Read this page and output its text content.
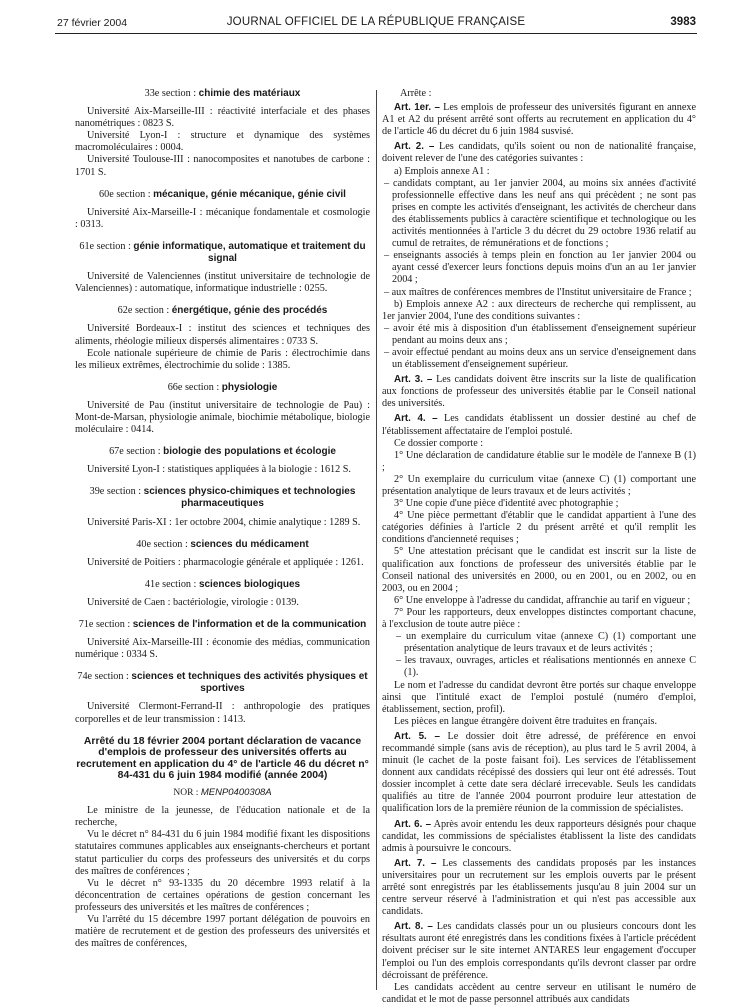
27 février 2004	JOURNAL OFFICIEL DE LA RÉPUBLIQUE FRANÇAISE	3983

33e section : chimie des matériaux

Université Aix-Marseille-III : réactivité interfaciale et des phases nanométriques : 0823 S.

Université Lyon-I : structure et dynamique des systèmes macromoléculaires : 0004.

Université Toulouse-III : nanocomposites et nanotubes de carbone : 1701 S.

60e section : mécanique, génie mécanique, génie civil

Université Aix-Marseille-I : mécanique fondamentale et cosmologie : 0313.

61e section : génie informatique, automatique et traitement du signal

Université de Valenciennes (institut universitaire de technologie de Valenciennes) : automatique, informatique industrielle : 0255.

62e section : énergétique, génie des procédés

Université Bordeaux-I : institut des sciences et techniques des aliments, rhéologie milieux dispersés alimentaires : 0733 S.

Ecole nationale supérieure de chimie de Paris : électrochimie dans les milieux extrêmes, électrochimie du solide : 1385.

66e section : physiologie

Université de Pau (institut universitaire de technologie de Pau) : Mont-de-Marsan, physiologie animale, biochimie métabolique, biologie moléculaire : 0414.

67e section : biologie des populations et écologie

Université Lyon-I : statistiques appliquées à la biologie : 1612 S.

39e section : sciences physico-chimiques et technologies pharmaceutiques

Université Paris-XI : 1er octobre 2004, chimie analytique : 1289 S.

40e section : sciences du médicament

Université de Poitiers : pharmacologie générale et appliquée : 1261.

41e section : sciences biologiques

Université de Caen : bactériologie, virologie : 0139.

71e section : sciences de l'information et de la communication

Université Aix-Marseille-III : économie des médias, communication numérique : 0334 S.

74e section : sciences et techniques des activités physiques et sportives

Université Clermont-Ferrand-II : anthropologie des pratiques corporelles et de leur transmission : 1413.

Arrêté du 18 février 2004 portant déclaration de vacance d'emplois de professeur des universités offerts au recrutement en application du 4° de l'article 46 du décret n° 84-431 du 6 juin 1984 modifié (année 2004)
NOR : MENP0400308A

Le ministre de la jeunesse, de l'éducation nationale et de la recherche,

Vu le décret n° 84-431 du 6 juin 1984 modifié fixant les dispositions statutaires communes applicables aux enseignants-chercheurs et portant statut particulier du corps des professeurs des universités et du corps des maîtres de conférences ;

Vu le décret n° 93-1335 du 20 décembre 1993 relatif à la déconcentration de certaines opérations de gestion concernant les professeurs des universités et les maîtres de conférences ;

Vu l'arrêté du 15 décembre 1997 portant délégation de pouvoirs en matière de recrutement et de gestion des professeurs des universités et des maîtres de conférences,

Arrête :

Art. 1er. – Les emplois de professeur des universités figurant en annexe A1 et A2 du présent arrêté sont offerts au recrutement en application du 4° de l'article 46 du décret du 6 juin 1984 susvisé.

Art. 2. – Les candidats, qu'ils soient ou non de nationalité française, doivent relever de l'une des catégories suivantes :

a) Emplois annexe A1 :

– candidats comptant, au 1er janvier 2004, au moins six années d'activité professionnelle effective dans les neuf ans qui précèdent ; ne sont pas prises en compte les activités d'enseignant, les activités de chercheur dans des établissements publics à caractère scientifique et technologique ou les activités mentionnées à l'article 3 du décret du 29 octobre 1936 relatif au cumul de retraites, de rémunérations et de fonctions ;

– enseignants associés à temps plein en fonction au 1er janvier 2004 ou ayant cessé d'exercer leurs fonctions depuis moins d'un an au 1er janvier 2004 ;

– aux maîtres de conférences membres de l'Institut universitaire de France ;

b) Emplois annexe A2 : aux directeurs de recherche qui remplissent, au 1er janvier 2004, l'une des conditions suivantes :

– avoir été mis à disposition d'un établissement d'enseignement supérieur pendant au moins deux ans ;

– avoir effectué pendant au moins deux ans un service d'enseignement dans un établissement d'enseignement supérieur.

Art. 3. – Les candidats doivent être inscrits sur la liste de qualification aux fonctions de professeur des universités établie par le Conseil national des universités.

Art. 4. – Les candidats établissent un dossier destiné au chef de l'établissement affectataire de l'emploi postulé.

Ce dossier comporte :

1° Une déclaration de candidature établie sur le modèle de l'annexe B (1) ;

2° Un exemplaire du curriculum vitae (annexe C) (1) comportant une présentation analytique de leurs travaux et de leurs activités ;

3° Une copie d'une pièce d'identité avec photographie ;

4° Une pièce permettant d'établir que le candidat appartient à l'une des catégories définies à l'article 2 du présent arrêté et qu'il remplit les conditions d'ancienneté requises ;

5° Une attestation précisant que le candidat est inscrit sur la liste de qualification aux fonctions de professeur des universités établie par le Conseil national des universités en 2000, ou en 2001, ou en 2002, ou en 2003, ou en 2004 ;

6° Une enveloppe à l'adresse du candidat, affranchie au tarif en vigueur ;

7° Pour les rapporteurs, deux enveloppes distinctes comportant chacune, à l'exclusion de toute autre pièce :

– un exemplaire du curriculum vitae (annexe C) (1) comportant une présentation analytique de leurs travaux et de leurs activités ;

– les travaux, ouvrages, articles et réalisations mentionnés en annexe C (1).

Le nom et l'adresse du candidat devront être portés sur chaque enveloppe ainsi que l'intitulé exact de l'emploi postulé (numéro d'emploi, établissement, section, profil).

Les pièces en langue étrangère doivent être traduites en français.

Art. 5. – Le dossier doit être adressé, de préférence en envoi recommandé simple (sans avis de réception), au plus tard le 5 avril 2004, à minuit (le cachet de la poste faisant foi). Les services de l'établissement donnent aux candidats récépissé des dossiers qui leur ont été adressés. Tout dossier incomplet à cette date sera déclaré irrecevable. Seuls les candidats qualifiés au titre de l'année 2004 pourront produire leur attestation de qualification lors de la première réunion de la commission de spécialistes.

Art. 6. – Après avoir entendu les deux rapporteurs désignés pour chaque candidat, les commissions de spécialistes établissent la liste des candidats admis à poursuivre le concours.

Art. 7. – Les classements des candidats proposés par les instances universitaires pour un recrutement sur les emplois ouverts par le présent arrêté sont enregistrés par les établissements jusqu'au 8 juin 2004 sur un centre serveur réservé à l'administration et qui n'est pas accessible aux candidats.

Art. 8. – Les candidats classés pour un ou plusieurs concours dont les résultats auront été enregistrés dans les conditions fixées à l'article précédent doivent préciser sur le site internet ANTARES leur engagement d'occuper l'emploi ou l'un des emplois correspondants qu'ils devront classer par ordre décroissant de préférence.

Les candidats accèdent au centre serveur en utilisant le numéro de candidat et le mot de passe personnel attribués aux candidats
